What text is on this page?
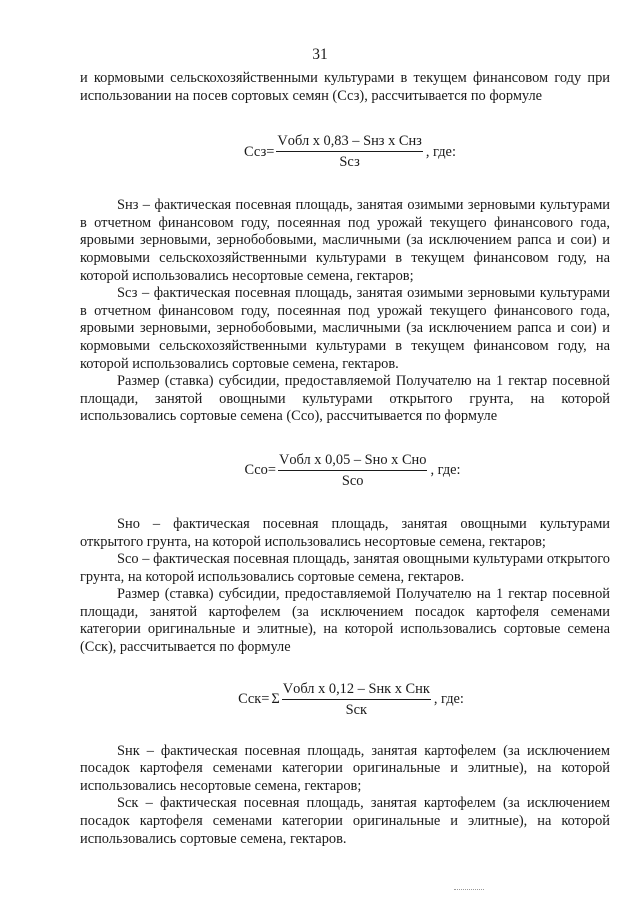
31

и кормовыми сельскохозяйственными культурами в текущем финансовом году при использовании на посев сортовых семян (Ссз), рассчитывается по формуле

$Ссз= \frac{\text{Vобл x 0,83 – Sнз x Снз}}{\text{Sсз}}$ , где:

Sнз – фактическая посевная площадь, занятая озимыми зерновыми культурами в отчетном финансовом году, посеянная под урожай текущего финансового года, яровыми зерновыми, зернобобовыми, масличными (за исключением рапса и сои) и кормовыми сельскохозяйственными культурами в текущем финансовом году, на которой использовались несортовые семена, гектаров;

Sсз – фактическая посевная площадь, занятая озимыми зерновыми культурами в отчетном финансовом году, посеянная под урожай текущего финансового года, яровыми зерновыми, зернобобовыми, масличными (за исключением рапса и сои) и кормовыми сельскохозяйственными культурами в текущем финансовом году, на которой использовались сортовые семена, гектаров.

Размер (ставка) субсидии, предоставляемой Получателю на 1 гектар посевной площади, занятой овощными культурами открытого грунта, на которой использовались сортовые семена (Ссо), рассчитывается по формуле

$Ссо= \frac{\text{Vобл x 0,05 – Sно x Сно}}{\text{Sсо}}$ , где:

Sно – фактическая посевная площадь, занятая овощными культурами открытого грунта, на которой использовались несортовые семена, гектаров;

Sсо – фактическая посевная площадь, занятая овощными культурами открытого грунта, на которой использовались сортовые семена, гектаров.

Размер (ставка) субсидии, предоставляемой Получателю на 1 гектар посевной площади, занятой картофелем (за исключением посадок картофеля семенами категории оригинальные и элитные), на которой использовались сортовые семена (Сск), рассчитывается по формуле

Сск= Σ $\frac{\text{Vобл x 0,12 – Sнк x Снк}}{\text{Sск}}$ , где:

Sнк – фактическая посевная площадь, занятая картофелем (за исключением посадок картофеля семенами категории оригинальные и элитные), на которой использовались несортовые семена, гектаров;

Sск – фактическая посевная площадь, занятая картофелем (за исключением посадок картофеля семенами категории оригинальные и элитные), на которой использовались сортовые семена, гектаров.
